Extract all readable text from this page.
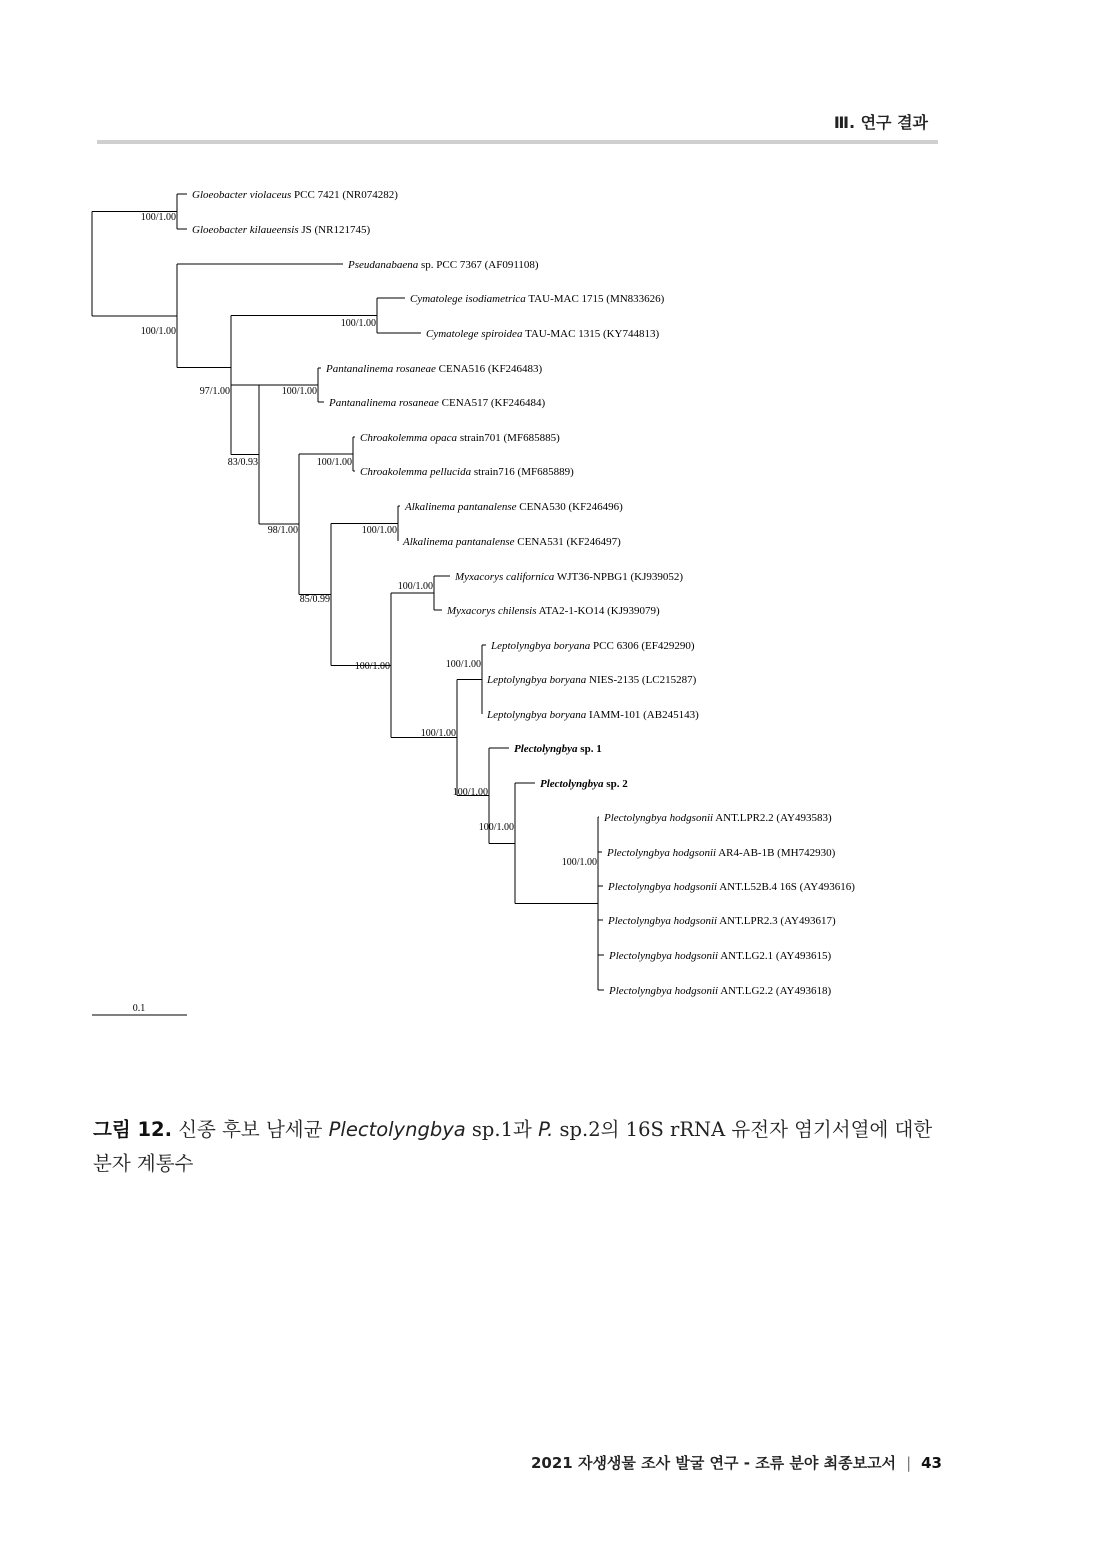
Ⅲ. 연구 결과
100/1.00
100/1.00
97/1.00
100/1.00
83/0.93
100/1.00
98/1.00
100/1.00
85/0.99
100/1.00
100/1.00
100/1.00
100/1.00
100/1.00
100/1.00
100/1.00
100/1.00
Gloeobacter violaceus PCC 7421 (NR074282)
Gloeobacter kilaueensis JS (NR121745)
Pseudanabaena sp. PCC 7367 (AF091108)
Cymatolege isodiametrica TAU-MAC 1715 (MN833626)
Cymatolege spiroidea TAU-MAC 1315 (KY744813)
Pantanalinema rosaneae CENA516 (KF246483)
Pantanalinema rosaneae CENA517 (KF246484)
Chroakolemma opaca strain701 (MF685885)
Chroakolemma pellucida strain716 (MF685889)
Alkalinema pantanalense CENA530 (KF246496)
Alkalinema pantanalense CENA531 (KF246497)
Myxacorys californica WJT36-NPBG1 (KJ939052)
Myxacorys chilensis ATA2-1-KO14 (KJ939079)
Leptolyngbya boryana PCC 6306 (EF429290)
Leptolyngbya boryana NIES-2135 (LC215287)
Leptolyngbya boryana IAMM-101 (AB245143)
Plectolyngbya sp. 1
Plectolyngbya sp. 2
Plectolyngbya hodgsonii ANT.LPR2.2 (AY493583)
Plectolyngbya hodgsonii AR4-AB-1B (MH742930)
Plectolyngbya hodgsonii ANT.L52B.4 16S (AY493616)
Plectolyngbya hodgsonii ANT.LPR2.3 (AY493617)
Plectolyngbya hodgsonii ANT.LG2.1 (AY493615)
Plectolyngbya hodgsonii ANT.LG2.2 (AY493618)
0.1
그림 12. 신종 후보 남세균 Plectolyngbya sp.1과 P. sp.2의 16S rRNA 유전자 염기서열에 대한 분자 계통수
2021 자생생물 조사 발굴 연구 - 조류 분야 최종보고서 | 43
